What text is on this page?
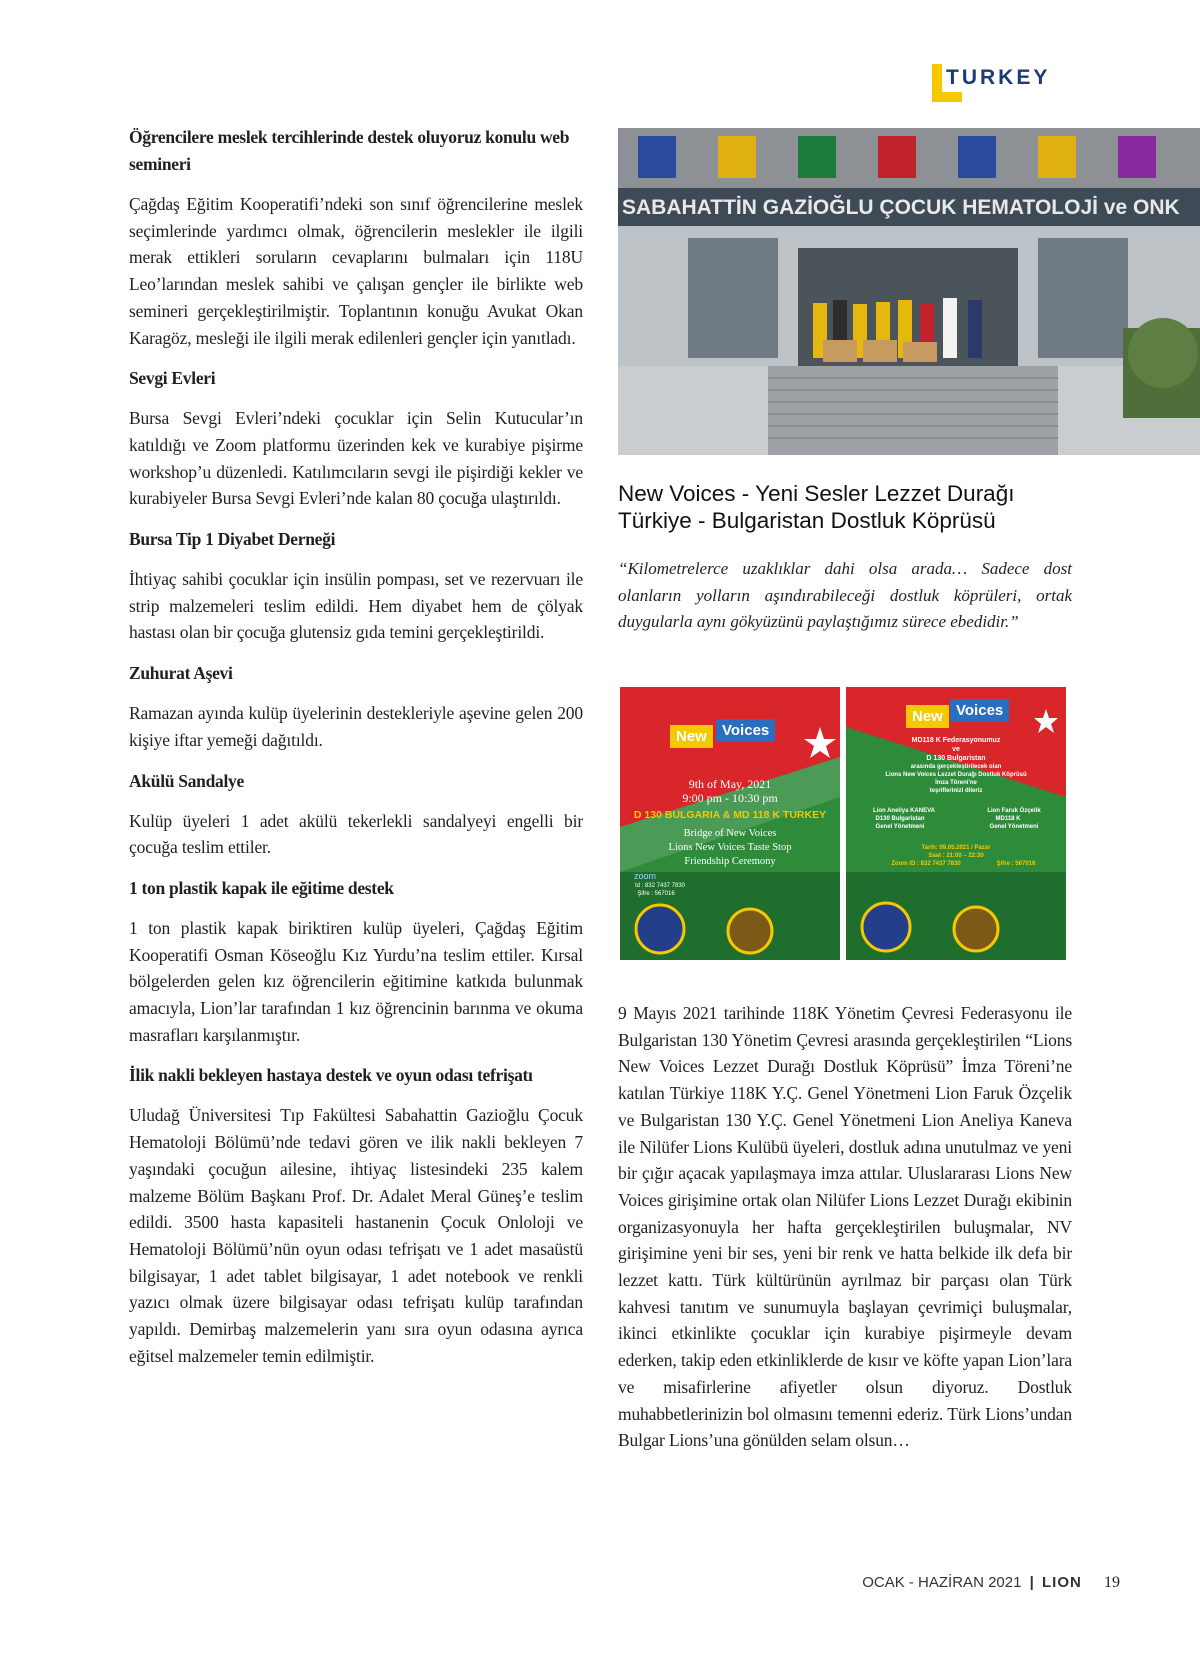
TURKEY
Öğrencilere meslek tercihlerinde destek oluyoruz konulu web semineri

Çağdaş Eğitim Kooperatifi’ndeki son sınıf öğrencilerine meslek seçimlerinde yardımcı olmak, öğrencilerin meslekler ile ilgili merak ettikleri soruların cevaplarını bulmaları için 118U Leo’larından meslek sahibi ve çalışan gençler ile birlikte web semineri gerçekleştirilmiştir. Toplantının konuğu Avukat Okan Karagöz, mesleği ile ilgili merak edilenleri gençler için yanıtladı.

Sevgi Evleri

Bursa Sevgi Evleri’ndeki çocuklar için Selin Kutucular’ın katıldığı ve Zoom platformu üzerinden kek ve kurabiye pişirme workshop’u düzenledi. Katılımcıların sevgi ile pişirdiği kekler ve kurabiyeler Bursa Sevgi Evleri’nde kalan 80 çocuğa ulaştırıldı.

Bursa Tip 1 Diyabet Derneği

İhtiyaç sahibi çocuklar için insülin pompası, set ve rezervuarı ile strip malzemeleri teslim edildi. Hem diyabet hem de çölyak hastası olan bir çocuğa glutensiz gıda temini gerçekleştirildi.

Zuhurat Aşevi

Ramazan ayında kulüp üyelerinin destekleriyle aşevine gelen 200 kişiye iftar yemeği dağıtıldı.

Akülü Sandalye

Kulüp üyeleri 1 adet akülü tekerlekli sandalyeyi engelli bir çocuğa teslim ettiler.

1 ton plastik kapak ile eğitime destek

1 ton plastik kapak biriktiren kulüp üyeleri, Çağdaş Eğitim Kooperatifi Osman Köseoğlu Kız Yurdu’na teslim ettiler. Kırsal bölgelerden gelen kız öğrencilerin eğitimine katkıda bulunmak amacıyla, Lion’lar tarafından 1 kız öğrencinin barınma ve okuma masrafları karşılanmıştır.

İlik nakli bekleyen hastaya destek ve oyun odası tefrişatı

Uludağ Üniversitesi Tıp Fakültesi Sabahattin Gazioğlu Çocuk Hematoloji Bölümü’nde tedavi gören ve ilik nakli bekleyen 7 yaşındaki çocuğun ailesine, ihtiyaç listesindeki 235 kalem malzeme Bölüm Başkanı Prof. Dr. Adalet Meral Güneş’e teslim edildi. 3500 hasta kapasiteli hastanenin Çocuk Onloloji ve Hematoloji Bölümü’nün oyun odası tefrişatı ve 1 adet masaüstü bilgisayar, 1 adet tablet bilgisayar, 1 adet notebook ve renkli yazıcı olmak üzere bilgisayar odası tefrişatı kulüp tarafından yapıldı. Demirbaş malzemelerin yanı sıra oyun odasına ayrıca eğitsel malzemeler temin edilmiştir.

SABAHATTİN GAZİOĞLU ÇOCUK HEMATOLOJİ ve ONK
New Voices - Yeni Sesler Lezzet Durağı Türkiye - Bulgaristan Dostluk Köprüsü

“Kilometrelerce uzaklıklar dahi olsa arada… Sadece dost olanların yolların aşındırabileceği dostluk köprüleri, ortak duygularla aynı gökyüzünü paylaştığımız sürece ebedidir.”

New	Voices
9th of May, 2021
9:00 pm - 10:30 pm
D 130 BULGARIA & MD 118 K TURKEY
Bridge of New Voices
Lions New Voices Taste Stop
Friendship Ceremony
zoom
Id : 832 7437 7830
Şifre : 567016
New Voices
MD118 K Federasyonumuz
ve
D 130 Bulgaristan
arasında gerçekleştirilecek olan
Lions New Voices Lezzet Durağı Dostluk Köprüsü
İmza Töreni'ne
teşriflerinizi dileriz
Lion Aneliya KANEVA
D130 Bulgaristan
Genel Yönetmeni
Lion Faruk Özçelik
MD118 K
Genel Yönetmeni
Tarih: 09.05.2021 / Pazar
Saat : 21:00 – 22:30
Zoom ID : 832 7437 7830	Şifre : 567016

9 Mayıs 2021 tarihinde 118K Yönetim Çevresi Federasyonu ile Bulgaristan 130 Yönetim Çevresi arasında gerçekleştirilen “Lions New Voices Lezzet Durağı Dostluk Köprüsü” İmza Töreni’ne katılan Türkiye 118K Y.Ç. Genel Yönetmeni Lion Faruk Özçelik ve Bulgaristan 130 Y.Ç. Genel Yönetmeni Lion Aneliya Kaneva ile Nilüfer Lions Kulübü üyeleri, dostluk adına unutulmaz ve yeni bir çığır açacak yapılaşmaya imza attılar. Uluslararası Lions New Voices girişimine ortak olan Nilüfer Lions Lezzet Durağı ekibinin organizasyonuyla her hafta gerçekleştirilen buluşmalar, NV girişimine yeni bir ses, yeni bir renk ve hatta belkide ilk defa bir lezzet kattı. Türk kültürünün ayrılmaz bir parçası olan Türk kahvesi tanıtım ve sunumuyla başlayan çevrimiçi buluşmalar, ikinci etkinlikte çocuklar için kurabiye pişirmeyle devam ederken, takip eden etkinliklerde de kısır ve köfte yapan Lion’lara ve misafirlerine afiyetler olsun diyoruz. Dostluk muhabbetlerinizin bol olmasını temenni ederiz. Türk Lions’undan Bulgar Lions’una gönülden selam olsun…

OCAK - HAZİRAN 2021 | LION 19
